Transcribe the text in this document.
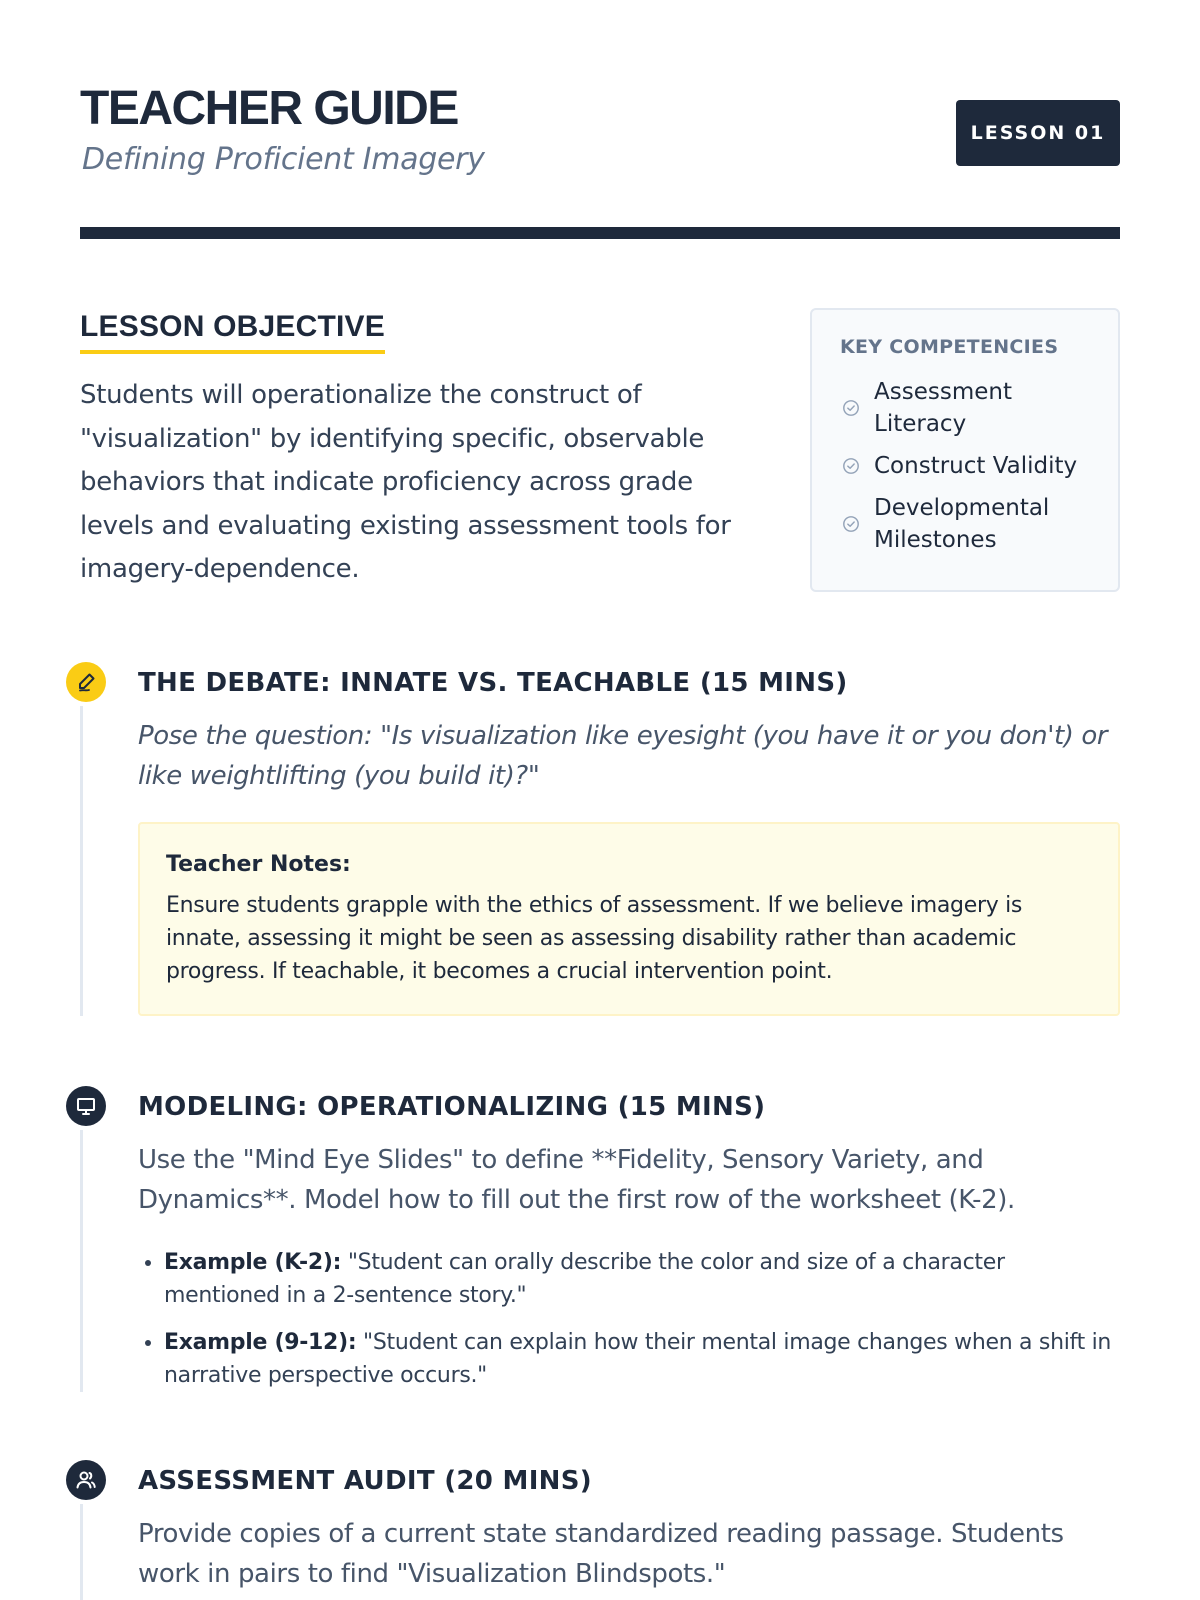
TEACHER GUIDE

Defining Proficient Imagery

LESSON 01
LESSON OBJECTIVE

Students will operationalize the construct of "visualization" by identifying specific, observable behaviors that indicate proficiency across grade levels and evaluating existing assessment tools for imagery-dependence.

KEY COMPETENCIES
Assessment Literacy
Construct Validity
Developmental Milestones
THE DEBATE: INNATE VS. TEACHABLE (15 MINS)

Pose the question: "Is visualization like eyesight (you have it or you don't) or like weightlifting (you build it)?"

Teacher Notes:
Ensure students grapple with the ethics of assessment. If we believe imagery is innate, assessing it might be seen as assessing disability rather than academic progress. If teachable, it becomes a crucial intervention point.
MODELING: OPERATIONALIZING (15 MINS)

Use the "Mind Eye Slides" to define **Fidelity, Sensory Variety, and Dynamics**. Model how to fill out the first row of the worksheet (K-2).

• Example (K-2): "Student can orally describe the color and size of a character mentioned in a 2-sentence story."
• Example (9-12): "Student can explain how their mental image changes when a shift in narrative perspective occurs."
ASSESSMENT AUDIT (20 MINS)

Provide copies of a current state standardized reading passage. Students work in pairs to find "Visualization Blindspots."
